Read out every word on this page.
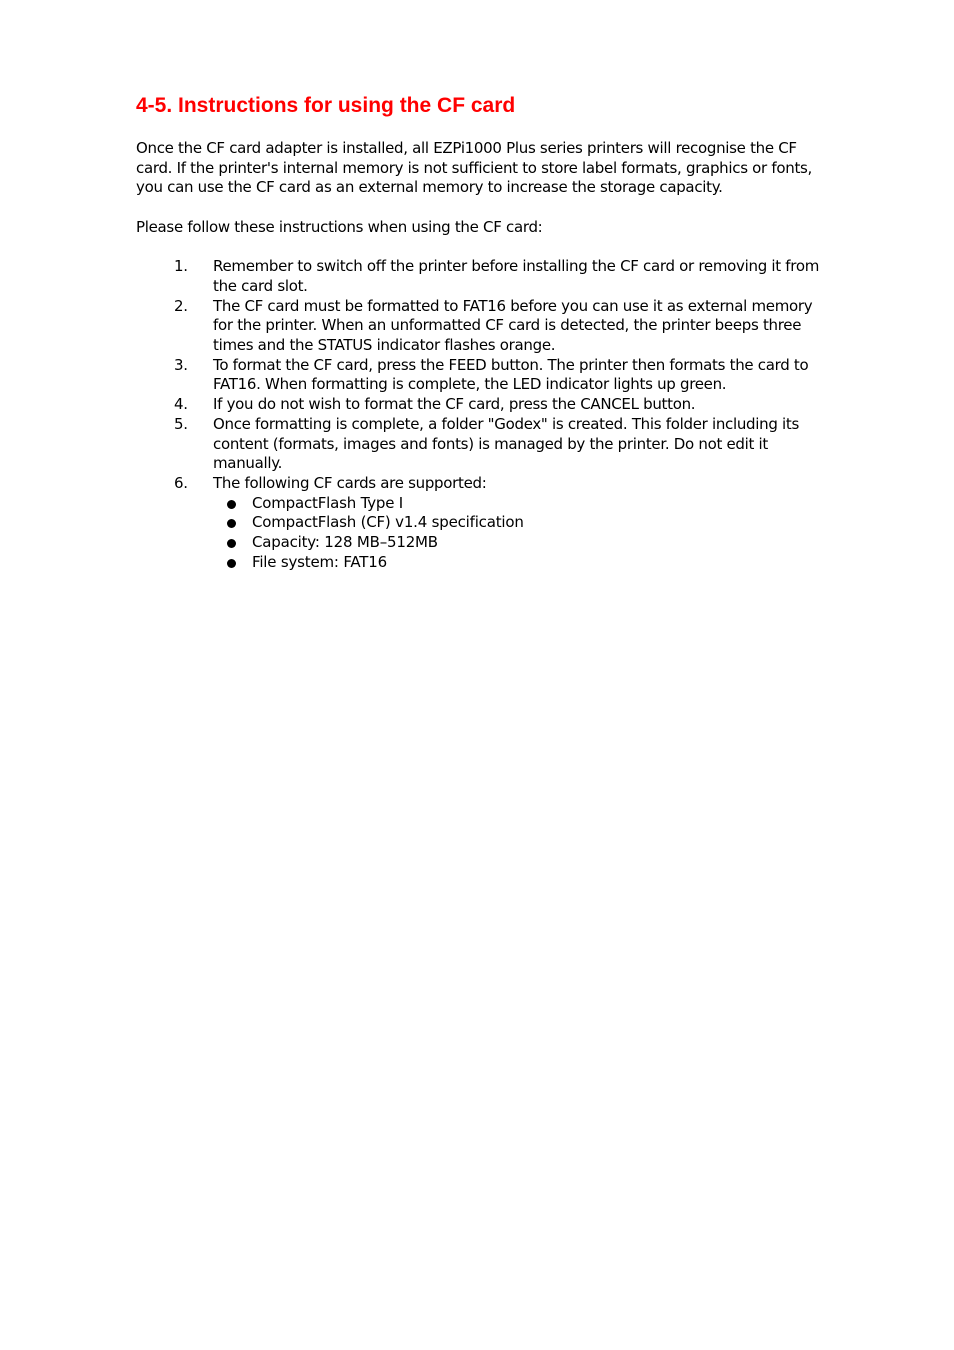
4-5. Instructions for using the CF card

Once the CF card adapter is installed, all EZPi1000 Plus series printers will recognise the CF card. If the printer's internal memory is not sufficient to store label formats, graphics or fonts, you can use the CF card as an external memory to increase the storage capacity.

Please follow these instructions when using the CF card:

1. Remember to switch off the printer before installing the CF card or removing it from the card slot.
2. The CF card must be formatted to FAT16 before you can use it as external memory for the printer. When an unformatted CF card is detected, the printer beeps three times and the STATUS indicator flashes orange.
3. To format the CF card, press the FEED button. The printer then formats the card to FAT16. When formatting is complete, the LED indicator lights up green.
4. If you do not wish to format the CF card, press the CANCEL button.
5. Once formatting is complete, a folder "Godex" is created. This folder including its content (formats, images and fonts) is managed by the printer. Do not edit it manually.
6. The following CF cards are supported:
CompactFlash Type I
CompactFlash (CF) v1.4 specification
Capacity: 128 MB–512MB
File system: FAT16
